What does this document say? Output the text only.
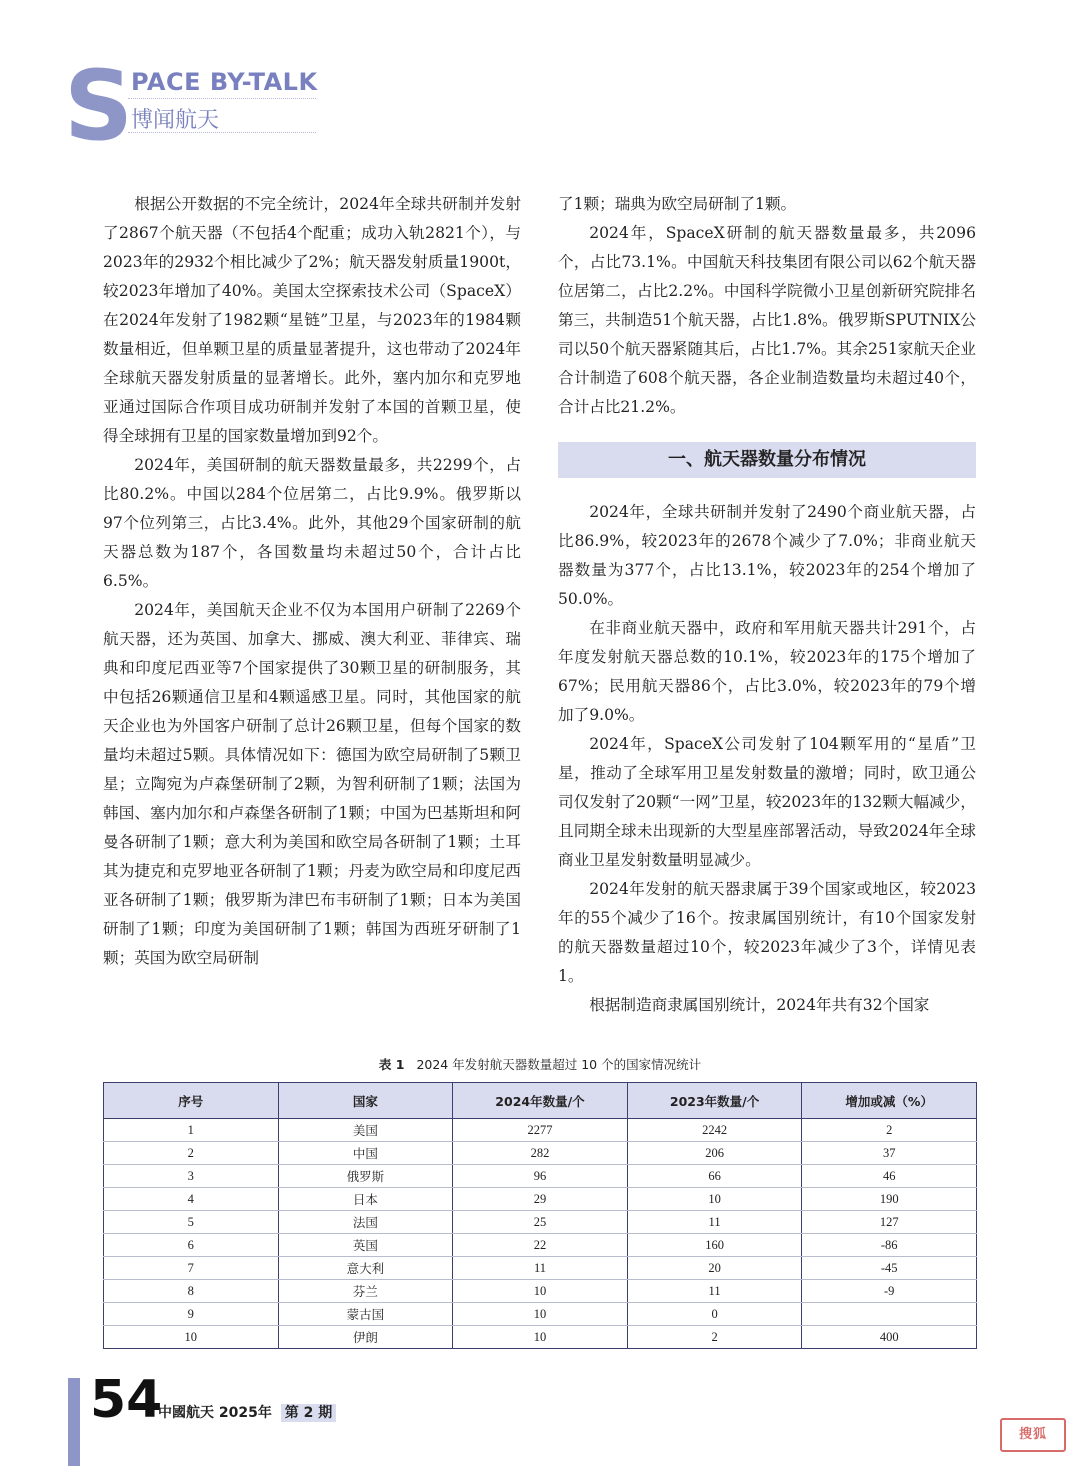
S
PACE BY-TALK
博闻航天

根据公开数据的不完全统计，2024年全球共研制并发射了2867个航天器（不包括4个配重；成功入轨2821个），与2023年的2932个相比减少了2%；航天器发射质量1900t，较2023年增加了40%。美国太空探索技术公司（SpaceX）在2024年发射了1982颗“星链”卫星，与2023年的1984颗数量相近，但单颗卫星的质量显著提升，这也带动了2024年全球航天器发射质量的显著增长。此外，塞内加尔和克罗地亚通过国际合作项目成功研制并发射了本国的首颗卫星，使得全球拥有卫星的国家数量增加到92个。

2024年，美国研制的航天器数量最多，共2299个，占比80.2%。中国以284个位居第二，占比9.9%。俄罗斯以97个位列第三，占比3.4%。此外，其他29个国家研制的航天器总数为187个，各国数量均未超过50个，合计占比6.5%。

2024年，美国航天企业不仅为本国用户研制了2269个航天器，还为英国、加拿大、挪威、澳大利亚、菲律宾、瑞典和印度尼西亚等7个国家提供了30颗卫星的研制服务，其中包括26颗通信卫星和4颗遥感卫星。同时，其他国家的航天企业也为外国客户研制了总计26颗卫星，但每个国家的数量均未超过5颗。具体情况如下：德国为欧空局研制了5颗卫星；立陶宛为卢森堡研制了2颗，为智利研制了1颗；法国为韩国、塞内加尔和卢森堡各研制了1颗；中国为巴基斯坦和阿曼各研制了1颗；意大利为美国和欧空局各研制了1颗；土耳其为捷克和克罗地亚各研制了1颗；丹麦为欧空局和印度尼西亚各研制了1颗；俄罗斯为津巴布韦研制了1颗；日本为美国研制了1颗；印度为美国研制了1颗；韩国为西班牙研制了1颗；英国为欧空局研制

了1颗；瑞典为欧空局研制了1颗。

2024年，SpaceX研制的航天器数量最多，共2096个，占比73.1%。中国航天科技集团有限公司以62个航天器位居第二，占比2.2%。中国科学院微小卫星创新研究院排名第三，共制造51个航天器，占比1.8%。俄罗斯SPUTNIX公司以50个航天器紧随其后，占比1.7%。其余251家航天企业合计制造了608个航天器，各企业制造数量均未超过40个，合计占比21.2%。

一、航天器数量分布情况

2024年，全球共研制并发射了2490个商业航天器，占比86.9%，较2023年的2678个减少了7.0%；非商业航天器数量为377个，占比13.1%，较2023年的254个增加了50.0%。

在非商业航天器中，政府和军用航天器共计291个，占年度发射航天器总数的10.1%，较2023年的175个增加了67%；民用航天器86个，占比3.0%，较2023年的79个增加了9.0%。

2024年，SpaceX公司发射了104颗军用的“星盾”卫星，推动了全球军用卫星发射数量的激增；同时，欧卫通公司仅发射了20颗“一网”卫星，较2023年的132颗大幅减少，且同期全球未出现新的大型星座部署活动，导致2024年全球商业卫星发射数量明显减少。

2024年发射的航天器隶属于39个国家或地区，较2023年的55个减少了16个。按隶属国别统计，有10个国家发射的航天器数量超过10个，较2023年减少了3个，详情见表1。

根据制造商隶属国别统计，2024年共有32个国家

表 1 2024 年发射航天器数量超过 10 个的国家情况统计
序号	国家	2024年数量/个	2023年数量/个	增加或减（%）
1	美国	2277	2242	2
2	中国	282	206	37
3	俄罗斯	96	66	46
4	日本	29	10	190
5	法国	25	11	127
6	英国	22	160	-86
7	意大利	11	20	-45
8	芬兰	10	11	-9
9	蒙古国	10	0	
10	伊朗	10	2	400
54
中國航天 2025年 第 2 期
搜狐
